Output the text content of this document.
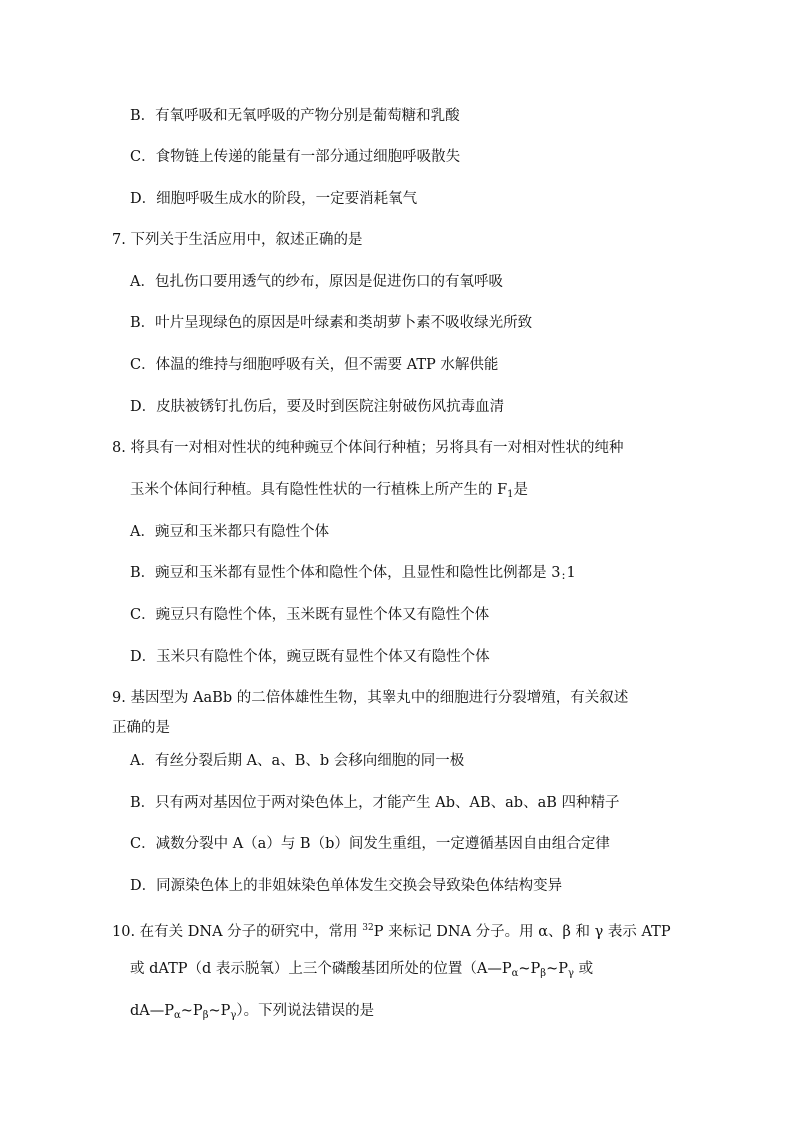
B．有氧呼吸和无氧呼吸的产物分别是葡萄糖和乳酸
C．食物链上传递的能量有一部分通过细胞呼吸散失
D．细胞呼吸生成水的阶段，一定要消耗氧气
7. 下列关于生活应用中，叙述正确的是
A．包扎伤口要用透气的纱布，原因是促进伤口的有氧呼吸
B．叶片呈现绿色的原因是叶绿素和类胡萝卜素不吸收绿光所致
C．体温的维持与细胞呼吸有关，但不需要 ATP 水解供能
D．皮肤被锈钉扎伤后，要及时到医院注射破伤风抗毒血清
8. 将具有一对相对性状的纯种豌豆个体间行种植；另将具有一对相对性状的纯种
玉米个体间行种植。具有隐性性状的一行植株上所产生的 $F_1$是
A．豌豆和玉米都只有隐性个体
B．豌豆和玉米都有显性个体和隐性个体，且显性和隐性比例都是 3 : 1
C．豌豆只有隐性个体，玉米既有显性个体又有隐性个体
D．玉米只有隐性个体，豌豆既有显性个体又有隐性个体
9. 基因型为 AaBb 的二倍体雄性生物，其睾丸中的细胞进行分裂增殖，有关叙述
正确的是
A．有丝分裂后期 A、a、B、b 会移向细胞的同一极
B．只有两对基因位于两对染色体上，才能产生 Ab、AB、ab、aB 四种精子
C．减数分裂中 A（a）与 B（b）间发生重组，一定遵循基因自由组合定律
D．同源染色体上的非姐妹染色单体发生交换会导致染色体结构变异
10. 在有关 DNA 分子的研究中，常用 $^{32}$P 来标记 DNA 分子。用 α、β 和 γ 表示 ATP
或 dATP（d 表示脱氧）上三个磷酸基团所处的位置（$A—P_\alpha\sim P_\beta\sim P_\gamma$ 或
$dA—P_\alpha\sim P_\beta\sim P_\gamma$）。下列说法错误的是
